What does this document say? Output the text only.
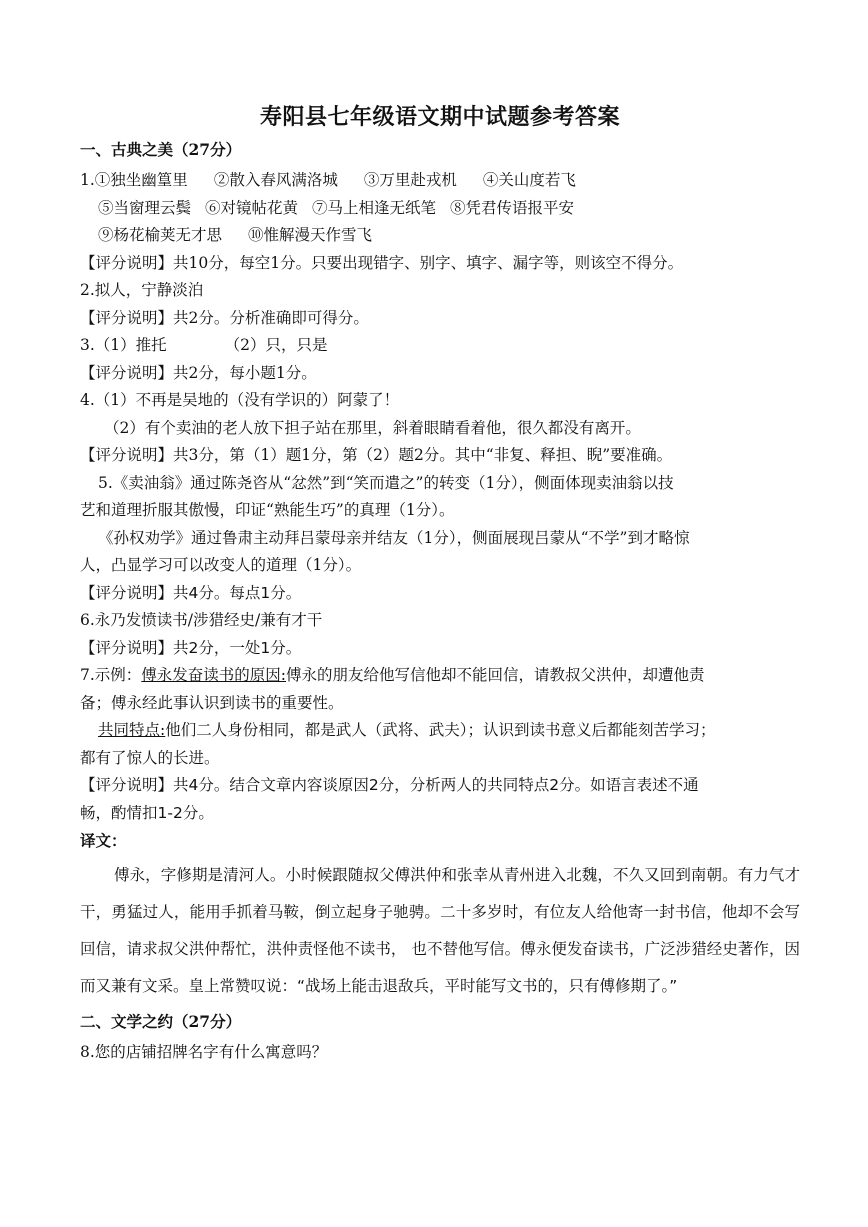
寿阳县七年级语文期中试题参考答案
一、古典之美（27分）

1.①独坐幽篁里 ②散入春风满洛城 ③万里赴戎机 ④关山度若飞

⑤当窗理云鬓 ⑥对镜帖花黄 ⑦马上相逢无纸笔 ⑧凭君传语报平安

⑨杨花榆荚无才思 ⑩惟解漫天作雪飞

【评分说明】共10分，每空1分。只要出现错字、别字、填字、漏字等，则该空不得分。

2.拟人，宁静淡泊

【评分说明】共2分。分析准确即可得分。

3.（1）推托	（2）只，只是

【评分说明】共2分，每小题1分。

4.（1）不再是吴地的（没有学识的）阿蒙了！

（2）有个卖油的老人放下担子站在那里，斜着眼睛看着他，很久都没有离开。

【评分说明】共3分，第（1）题1分，第（2）题2分。其中“非复、释担、睨”要准确。

5.《卖油翁》通过陈尧咨从“忿然”到“笑而遣之”的转变（1分），侧面体现卖油翁以技

艺和道理折服其傲慢，印证“熟能生巧”的真理（1分）。

《孙权劝学》通过鲁肃主动拜吕蒙母亲并结友（1分），侧面展现吕蒙从“不学”到才略惊

人，凸显学习可以改变人的道理（1分）。

【评分说明】共4分。每点1分。

6.永乃发愤读书/涉猎经史/兼有才干

【评分说明】共2分，一处1分。

7.示例：傅永发奋读书的原因:傅永的朋友给他写信他却不能回信，请教叔父洪仲，却遭他责

备；傅永经此事认识到读书的重要性。

共同特点:他们二人身份相同，都是武人（武将、武夫）；认识到读书意义后都能刻苦学习；

都有了惊人的长进。

【评分说明】共4分。结合文章内容谈原因2分，分析两人的共同特点2分。如语言表述不通

畅，酌情扣1-2分。

译文：

傅永，字修期是清河人。小时候跟随叔父傅洪仲和张幸从青州进入北魏，不久又回到南朝。有力气才干，勇猛过人，能用手抓着马鞍，倒立起身子驰骋。二十多岁时，有位友人给他寄一封书信，他却不会写回信，请求叔父洪仲帮忙，洪仲责怪他不读书， 也不替他写信。傅永便发奋读书，广泛涉猎经史著作，因而又兼有文采。皇上常赞叹说：“战场上能击退敌兵，平时能写文书的，只有傅修期了。”

二、文学之约（27分）

8.您的店铺招牌名字有什么寓意吗？
